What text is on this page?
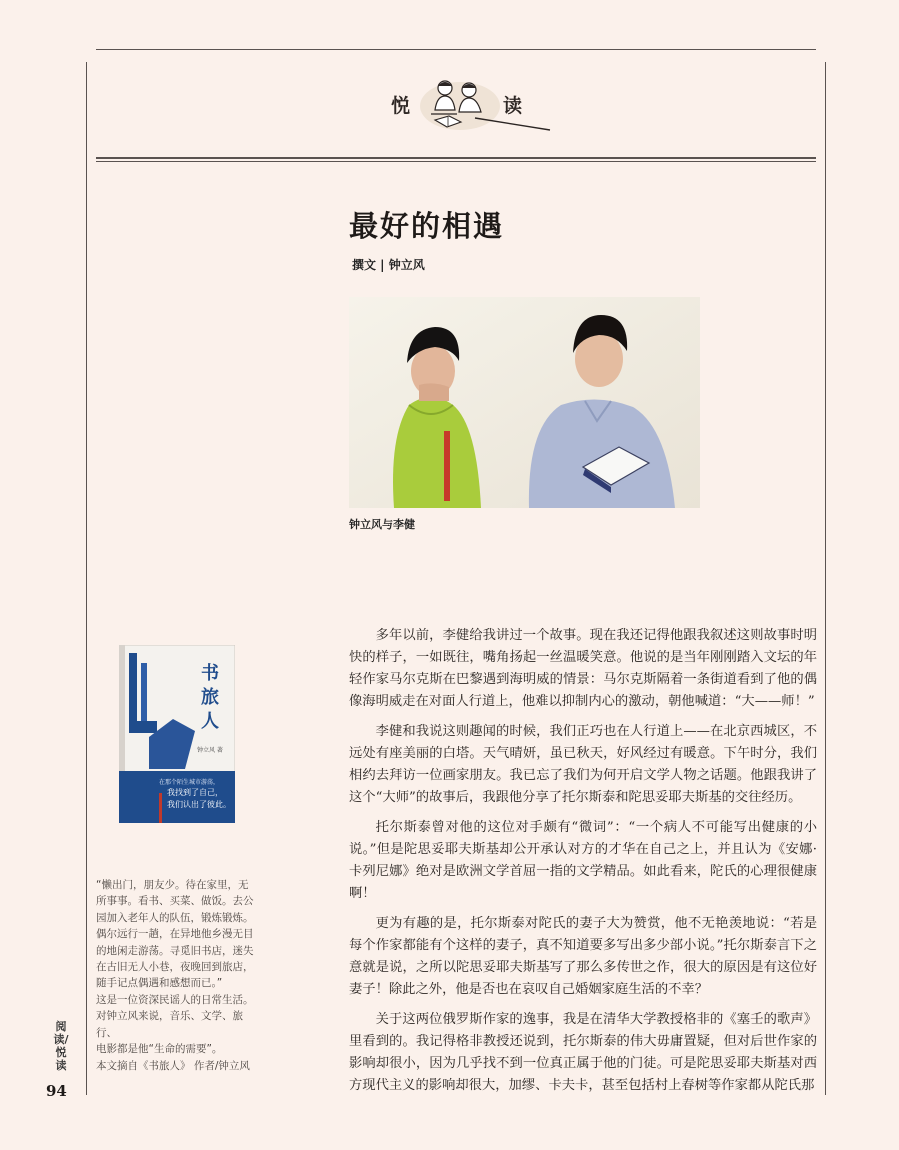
悦	读
最好的相遇
撰文 | 钟立风
钟立风与李健
书
旅
人
钟立风 著
在那个陌生城市游荡，
我找到了自己，
我们认出了彼此。

“懒出门，朋友少。待在家里，无

所事事。看书、买菜、做饭。去公

园加入老年人的队伍，锻炼锻炼。

偶尔远行一趟，在异地他乡漫无目

的地闲走游荡。寻觅旧书店，迷失

在古旧无人小巷，夜晚回到旅店，

随手记点偶遇和感想而已。”

这是一位资深民谣人的日常生活。

对钟立风来说，音乐、文学、旅行、

电影都是他“生命的需要”。

本文摘自《书旅人》 作者/钟立风
阅读/悦读
94

多年以前，李健给我讲过一个故事。现在我还记得他跟我叙述这则故事时明快的样子，一如既往，嘴角扬起一丝温暖笑意。他说的是当年刚刚踏入文坛的年轻作家马尔克斯在巴黎遇到海明威的情景：马尔克斯隔着一条街道看到了他的偶像海明威走在对面人行道上，他难以抑制内心的激动，朝他喊道：“大——师！”

李健和我说这则趣闻的时候，我们正巧也在人行道上——在北京西城区，不远处有座美丽的白塔。天气晴妍，虽已秋天，好风经过有暖意。下午时分，我们相约去拜访一位画家朋友。我已忘了我们为何开启文学人物之话题。他跟我讲了这个“大师”的故事后，我跟他分享了托尔斯泰和陀思妥耶夫斯基的交往经历。

托尔斯泰曾对他的这位对手颇有“微词”：“一个病人不可能写出健康的小说。”但是陀思妥耶夫斯基却公开承认对方的才华在自己之上，并且认为《安娜·卡列尼娜》绝对是欧洲文学首屈一指的文学精品。如此看来，陀氏的心理很健康啊！

更为有趣的是，托尔斯泰对陀氏的妻子大为赞赏，他不无艳羡地说：“若是每个作家都能有个这样的妻子，真不知道要多写出多少部小说。”托尔斯泰言下之意就是说，之所以陀思妥耶夫斯基写了那么多传世之作，很大的原因是有这位好妻子！除此之外，他是否也在哀叹自己婚姻家庭生活的不幸？

关于这两位俄罗斯作家的逸事，我是在清华大学教授格非的《塞壬的歌声》里看到的。我记得格非教授还说到，托尔斯泰的伟大毋庸置疑，但对后世作家的影响却很小，因为几乎找不到一位真正属于他的门徒。可是陀思妥耶夫斯基对西方现代主义的影响却很大，加缪、卡夫卡，甚至包括村上春树等作家都从陀氏那
